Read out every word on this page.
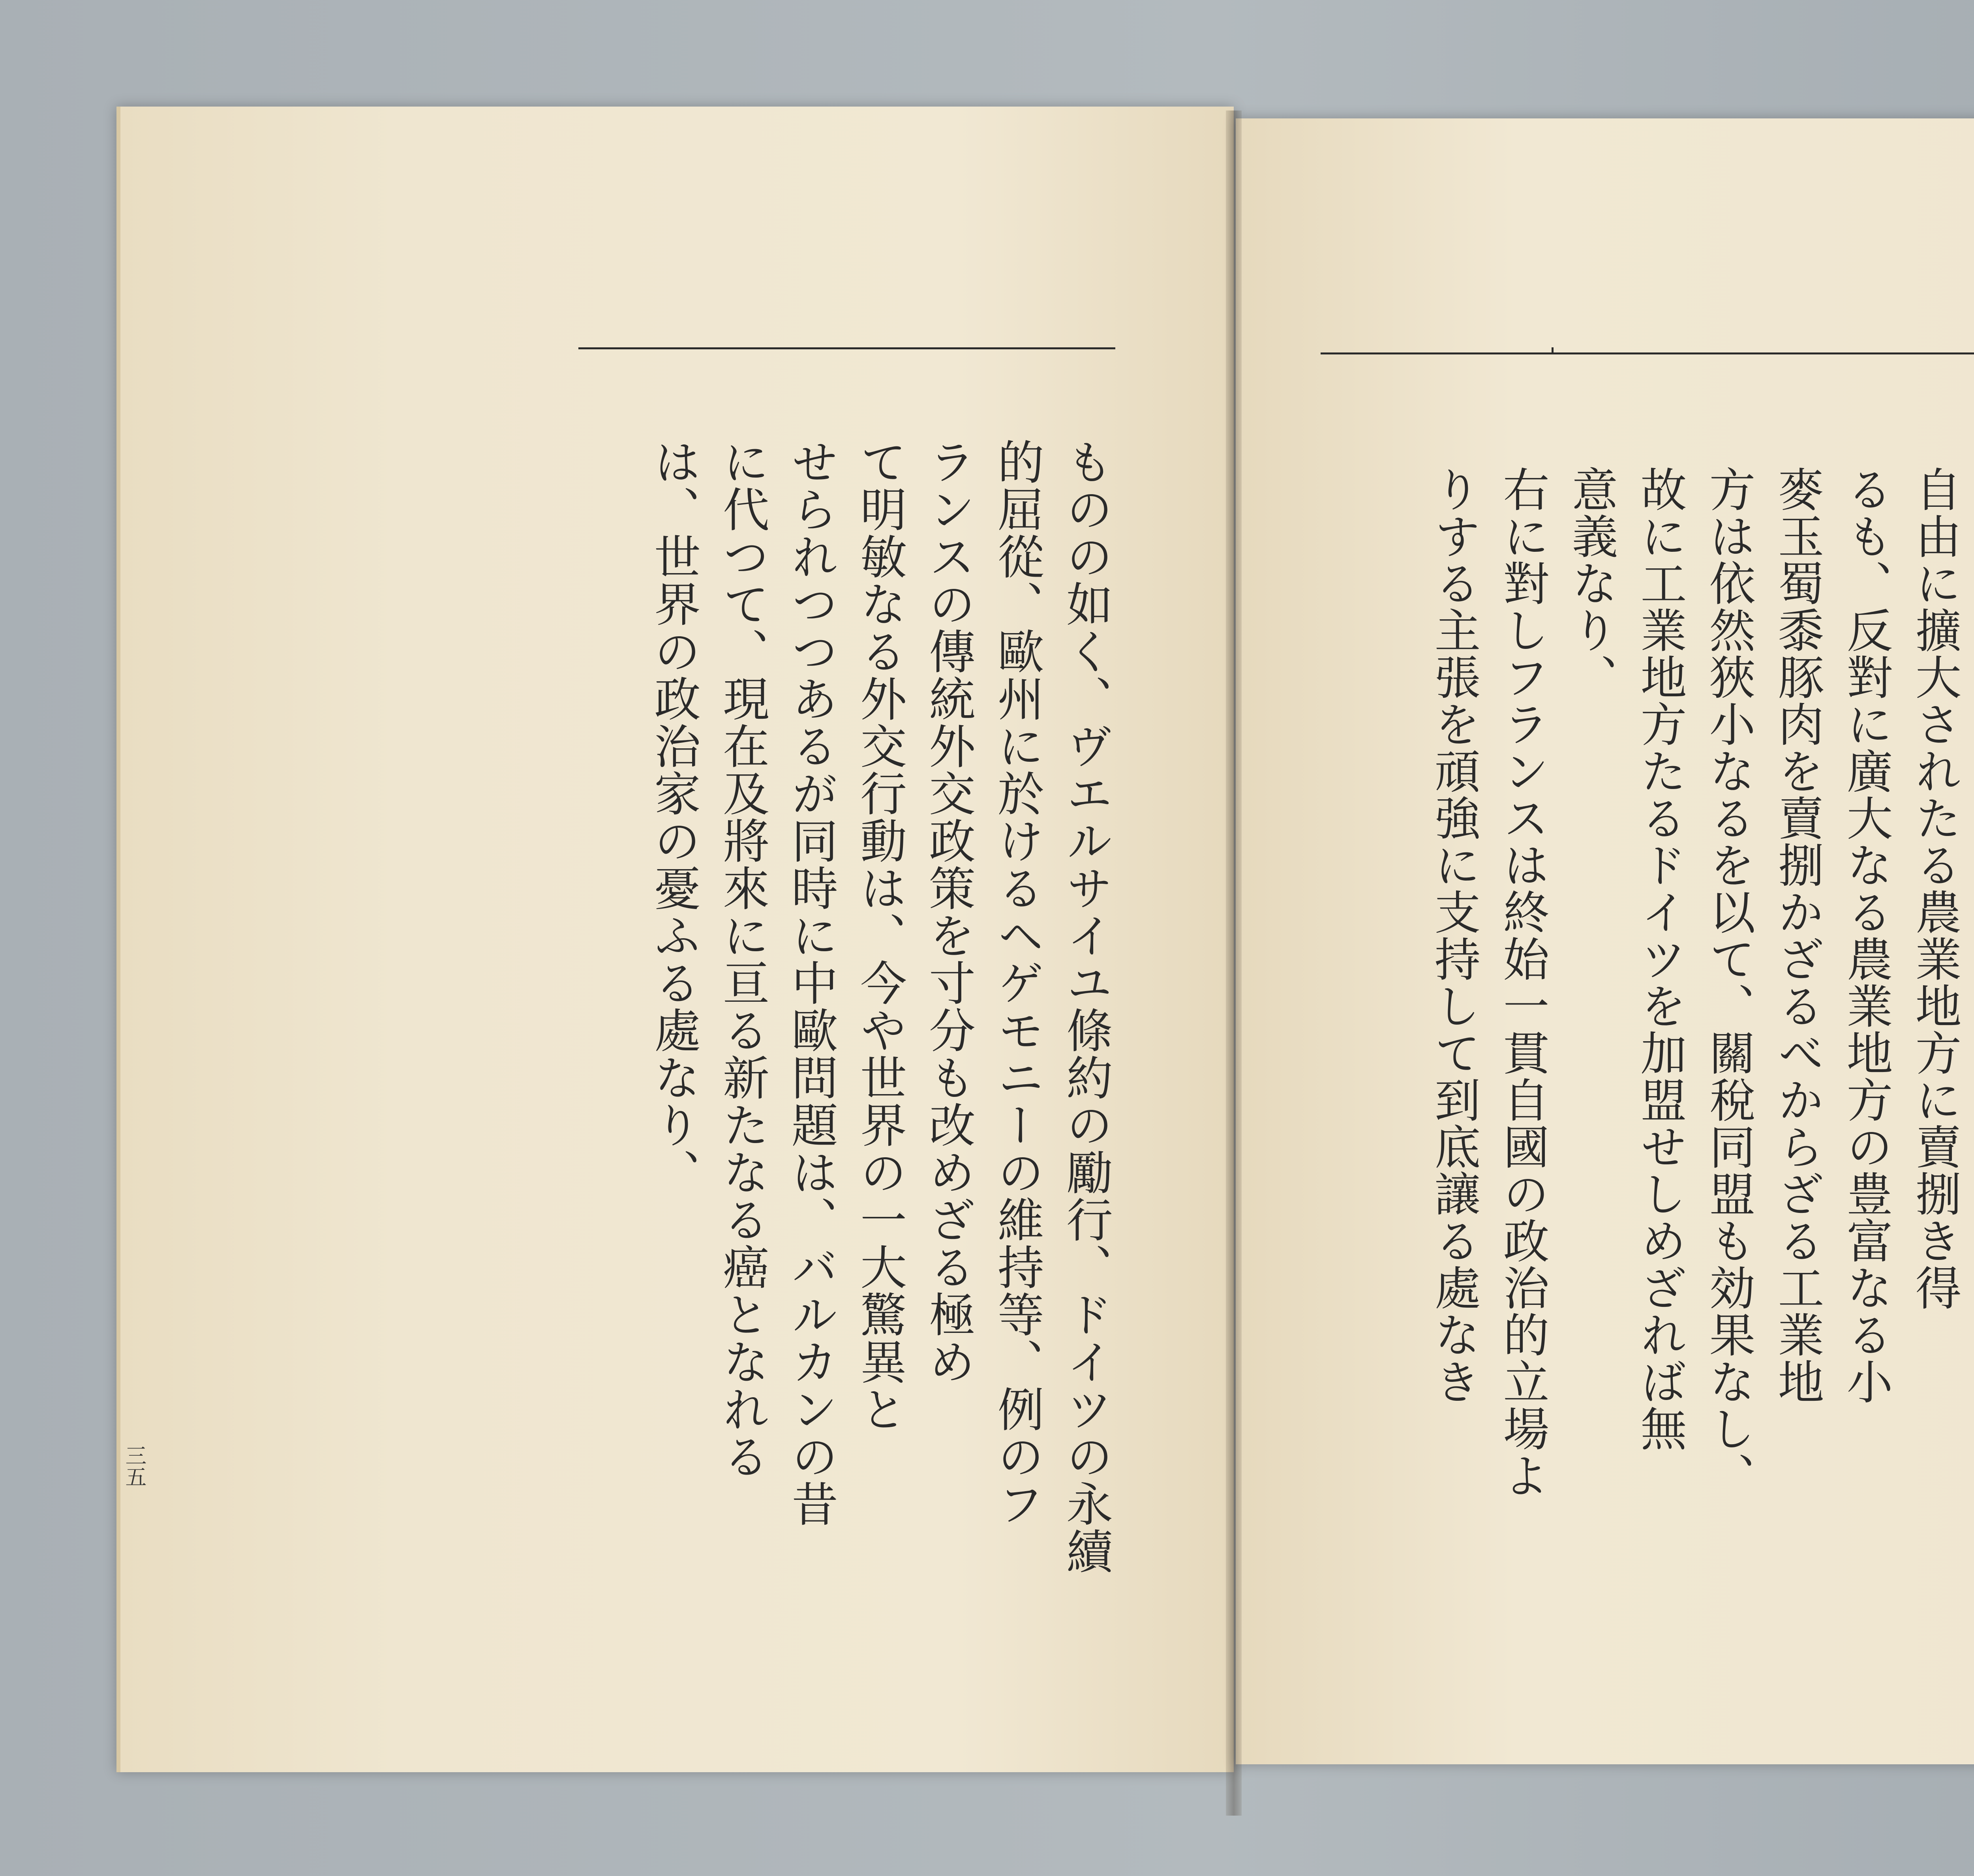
自由に擴大されたる農業地方に賣捌き得
るも、反對に廣大なる農業地方の豊富なる小
麥玉蜀黍豚肉を賣捌かざるべからざる工業地
方は依然狹小なるを以て、關稅同盟も効果なし、
故に工業地方たるドイツを加盟せしめざれば無
意義なり、
右に對しフランスは終始一貫自國の政治的立場よ
りする主張を頑強に支持して到底讓る處なき
ものの如く、ヴエルサイユ條約の勵行、ドイツの永續
的屈從、歐州に於けるヘゲモニーの維持等、例のフ
ランスの傳統外交政策を寸分も改めざる極め
て明敏なる外交行動は、今や世界の一大驚異と
せられつつあるが同時に中歐問題は、バルカンの昔
に代つて、現在及將來に亘る新たなる癌となれる
は、世界の政治家の憂ふる處なり、
三五
